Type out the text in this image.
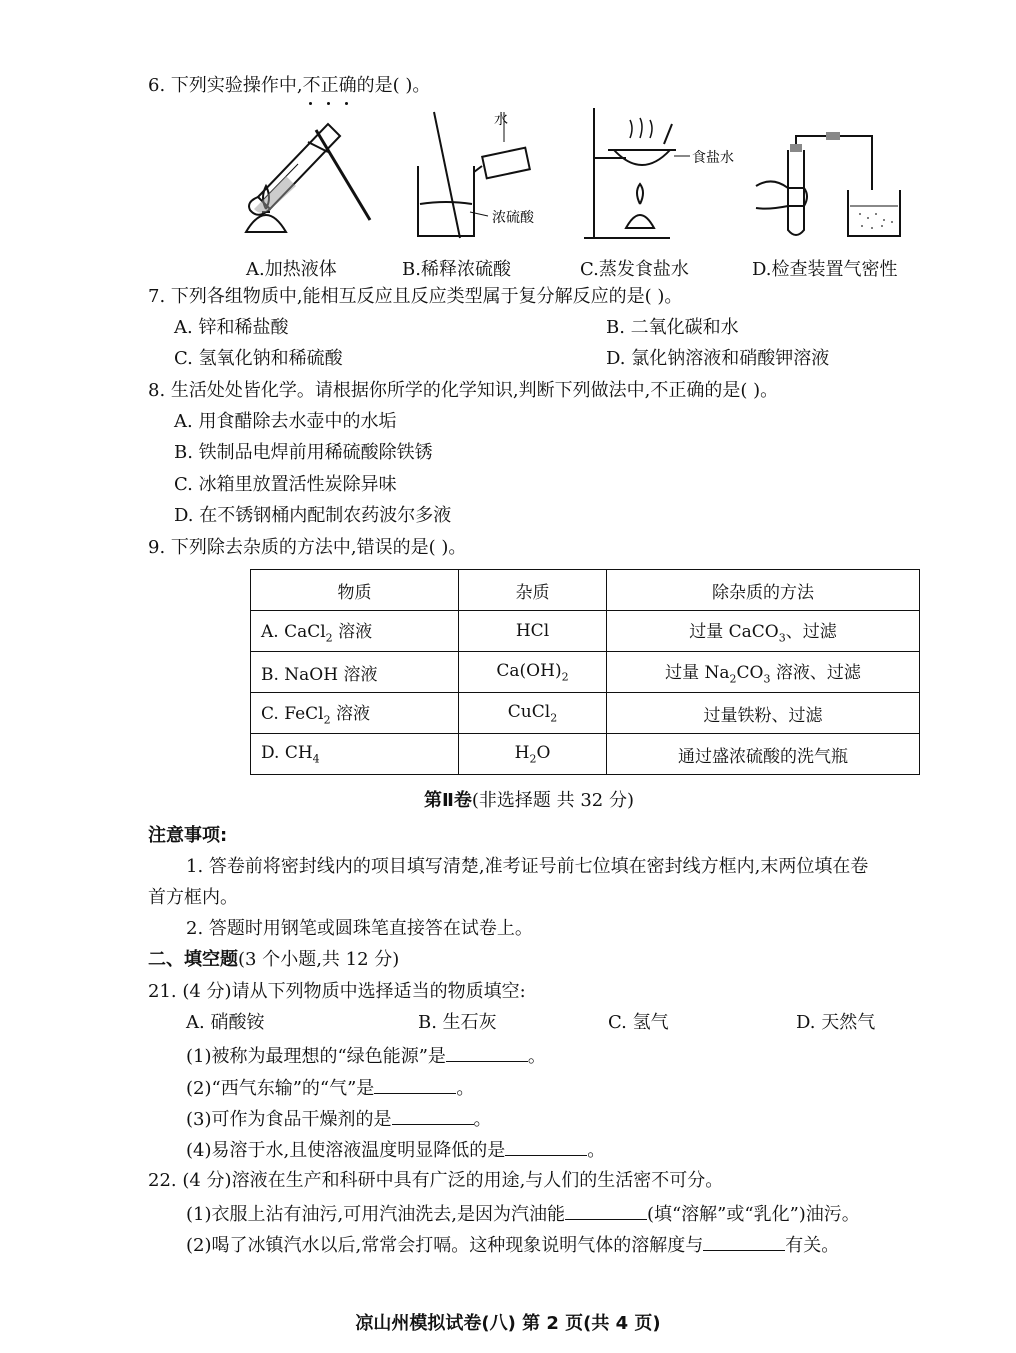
6. 下列实验操作中,不正确
的是( )。
水
浓硫酸
食盐水
A.加热液体	B.稀释浓硫酸	C.蒸发食盐水	D.检查装置气密性
7. 下列各组物质中,能相互反应且反应类型属于复分解反应的是( )。
A. 锌和稀盐酸	B. 二氧化碳和水
C. 氢氧化钠和稀硫酸	D. 氯化钠溶液和硝酸钾溶液
8. 生活处处皆化学。请根据你所学的化学知识,判断下列做法中,不正确的是( )。
A. 用食醋除去水壶中的水垢
B. 铁制品电焊前用稀硫酸除铁锈
C. 冰箱里放置活性炭除异味
D. 在不锈钢桶内配制农药波尔多液
9. 下列除去杂质的方法中,错误的是( )。
物质	杂质	除杂质的方法
A. CaCl$_2$ 溶液	HCl	过量 CaCO$_3$、过滤
B. NaOH 溶液	$Ca(OH)_2$	过量 $Na_2CO_3$ 溶液、过滤
C. FeCl$_2$ 溶液	CuCl$_2$	过量铁粉、过滤
D. $CH_4$	$H_2O$	通过盛浓硫酸的洗气瓶
第Ⅱ卷(非选择题 共 32 分)
注意事项:
1. 答卷前将密封线内的项目填写清楚,准考证号前七位填在密封线方框内,末两位填在卷
首方框内。
2. 答题时用钢笔或圆珠笔直接答在试卷上。
二、填空题(3 个小题,共 12 分)
21. (4 分)请从下列物质中选择适当的物质填空:
A. 硝酸铵	B. 生石灰	C. 氢气	D. 天然气
(1)被称为最理想的“绿色能源”是	。
(2)“西气东输”的“气”是	。
(3)可作为食品干燥剂的是	。
(4)易溶于水,且使溶液温度明显降低的是	。
22. (4 分)溶液在生产和科研中具有广泛的用途,与人们的生活密不可分。
(1)衣服上沾有油污,可用汽油洗去,是因为汽油能	(填“溶解”或“乳化”)油污。
(2)喝了冰镇汽水以后,常常会打嗝。这种现象说明气体的溶解度与	有关。
凉山州模拟试卷(八) 第 2 页(共 4 页)
